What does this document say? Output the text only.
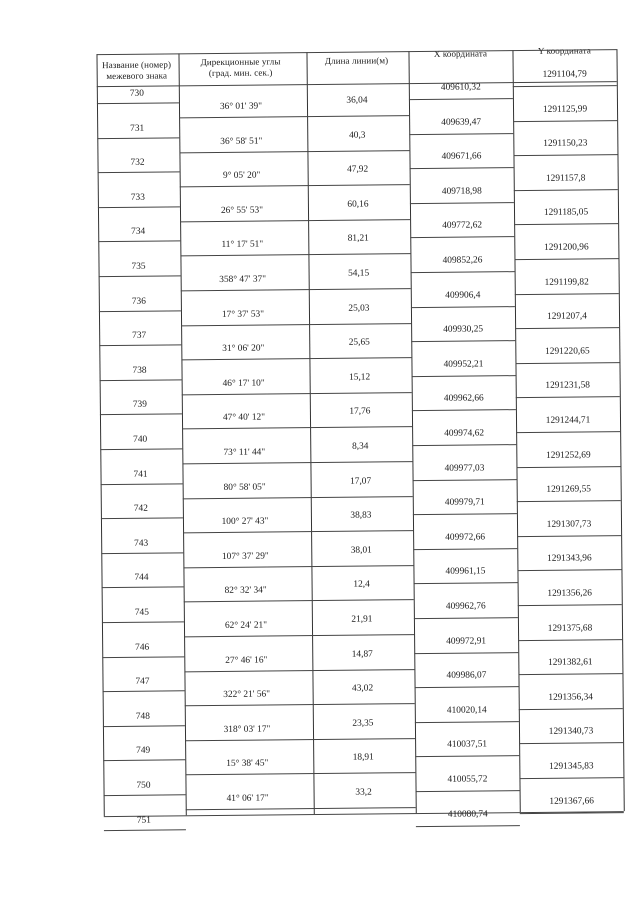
Название (номер)
межевого знака
Дирекционные углы
(град. мин. сек.)
Длина линии(м)
X координата	Y координата
730
409610,32
1291104,79
731
409639,47
1291125,99
732
409671,66
1291150,23
733
409718,98
1291157,8
734
409772,62
1291185,05
735
409852,26
1291200,96
736
409906,4
1291199,82
737
409930,25
1291207,4
738
409952,21
1291220,65
739
409962,66
1291231,58
740
409974,62
1291244,71
741
409977,03
1291252,69
742
409979,71
1291269,55
743
409972,66
1291307,73
744
409961,15
1291343,96
745
409962,76
1291356,26
746
409972,91
1291375,68
747
409986,07
1291382,61
748
410020,14
1291356,34
749
410037,51
1291340,73
750
410055,72
1291345,83
751
410080,74
1291367,66
36° 01' 39"
36,04
36° 58' 51"
40,3
9° 05' 20"
47,92
26° 55' 53"
60,16
11° 17' 51"
81,21
358° 47' 37"
54,15
17° 37' 53"
25,03
31° 06' 20"
25,65
46° 17' 10"
15,12
47° 40' 12"
17,76
73° 11' 44"
8,34
80° 58' 05"
17,07
100° 27' 43"
38,83
107° 37' 29"
38,01
82° 32' 34"
12,4
62° 24' 21"
21,91
27° 46' 16"
14,87
322° 21' 56"
43,02
318° 03' 17"
23,35
15° 38' 45"
18,91
41° 06' 17"
33,2
